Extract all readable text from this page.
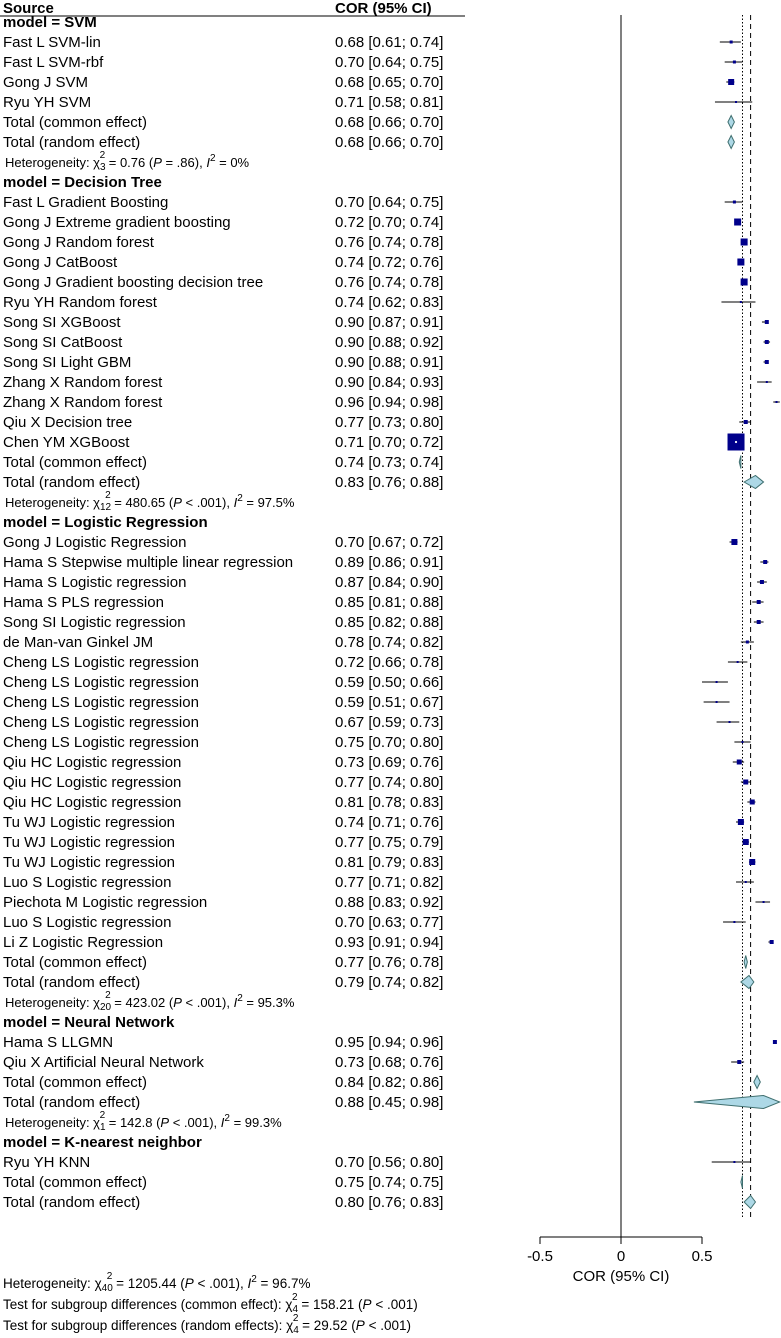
Source	COR (95% CI)
model = SVM
Fast L SVM-lin	0.68 [0.61; 0.74]
Fast L SVM-rbf	0.70 [0.64; 0.75]
Gong J SVM	0.68 [0.65; 0.70]
Ryu YH SVM	0.71 [0.58; 0.81]
Total (common effect)	0.68 [0.66; 0.70]
Total (random effect)	0.68 [0.66; 0.70]
Heterogeneity: χ32 = 0.76 (P = .86), I2 = 0%
model = Decision Tree
Fast L Gradient Boosting	0.70 [0.64; 0.75]
Gong J Extreme gradient boosting	0.72 [0.70; 0.74]
Gong J Random forest	0.76 [0.74; 0.78]
Gong J CatBoost	0.74 [0.72; 0.76]
Gong J Gradient boosting decision tree	0.76 [0.74; 0.78]
Ryu YH Random forest	0.74 [0.62; 0.83]
Song SI XGBoost	0.90 [0.87; 0.91]
Song SI CatBoost	0.90 [0.88; 0.92]
Song SI Light GBM	0.90 [0.88; 0.91]
Zhang X Random forest	0.90 [0.84; 0.93]
Zhang X Random forest	0.96 [0.94; 0.98]
Qiu X Decision tree	0.77 [0.73; 0.80]
Chen YM XGBoost	0.71 [0.70; 0.72]
Total (common effect)	0.74 [0.73; 0.74]
Total (random effect)	0.83 [0.76; 0.88]
Heterogeneity: χ122 = 480.65 (P < .001), I2 = 97.5%
model = Logistic Regression
Gong J Logistic Regression	0.70 [0.67; 0.72]
Hama S Stepwise multiple linear regression	0.89 [0.86; 0.91]
Hama S Logistic regression	0.87 [0.84; 0.90]
Hama S PLS regression	0.85 [0.81; 0.88]
Song SI Logistic regression	0.85 [0.82; 0.88]
de Man-van Ginkel JM	0.78 [0.74; 0.82]
Cheng LS Logistic regression	0.72 [0.66; 0.78]
Cheng LS Logistic regression	0.59 [0.50; 0.66]
Cheng LS Logistic regression	0.59 [0.51; 0.67]
Cheng LS Logistic regression	0.67 [0.59; 0.73]
Cheng LS Logistic regression	0.75 [0.70; 0.80]
Qiu HC Logistic regression	0.73 [0.69; 0.76]
Qiu HC Logistic regression	0.77 [0.74; 0.80]
Qiu HC Logistic regression	0.81 [0.78; 0.83]
Tu WJ Logistic regression	0.74 [0.71; 0.76]
Tu WJ Logistic regression	0.77 [0.75; 0.79]
Tu WJ Logistic regression	0.81 [0.79; 0.83]
Luo S Logistic regression	0.77 [0.71; 0.82]
Piechota M Logistic regression	0.88 [0.83; 0.92]
Luo S Logistic regression	0.70 [0.63; 0.77]
Li Z Logistic Regression	0.93 [0.91; 0.94]
Total (common effect)	0.77 [0.76; 0.78]
Total (random effect)	0.79 [0.74; 0.82]
Heterogeneity: χ202 = 423.02 (P < .001), I2 = 95.3%
model = Neural Network
Hama S LLGMN	0.95 [0.94; 0.96]
Qiu X Artificial Neural Network	0.73 [0.68; 0.76]
Total (common effect)	0.84 [0.82; 0.86]
Total (random effect)	0.88 [0.45; 0.98]
Heterogeneity: χ12 = 142.8 (P < .001), I2 = 99.3%
model = K-nearest neighbor
Ryu YH KNN	0.70 [0.56; 0.80]
Total (common effect)	0.75 [0.74; 0.75]
Total (random effect)	0.80 [0.76; 0.83]
-0.5	0	0.5
COR (95% CI)
Heterogeneity: χ402 = 1205.44 (P < .001), I2 = 96.7%
Test for subgroup differences (common effect): χ42 = 158.21 (P < .001)
Test for subgroup differences (random effects): χ42 = 29.52 (P < .001)
